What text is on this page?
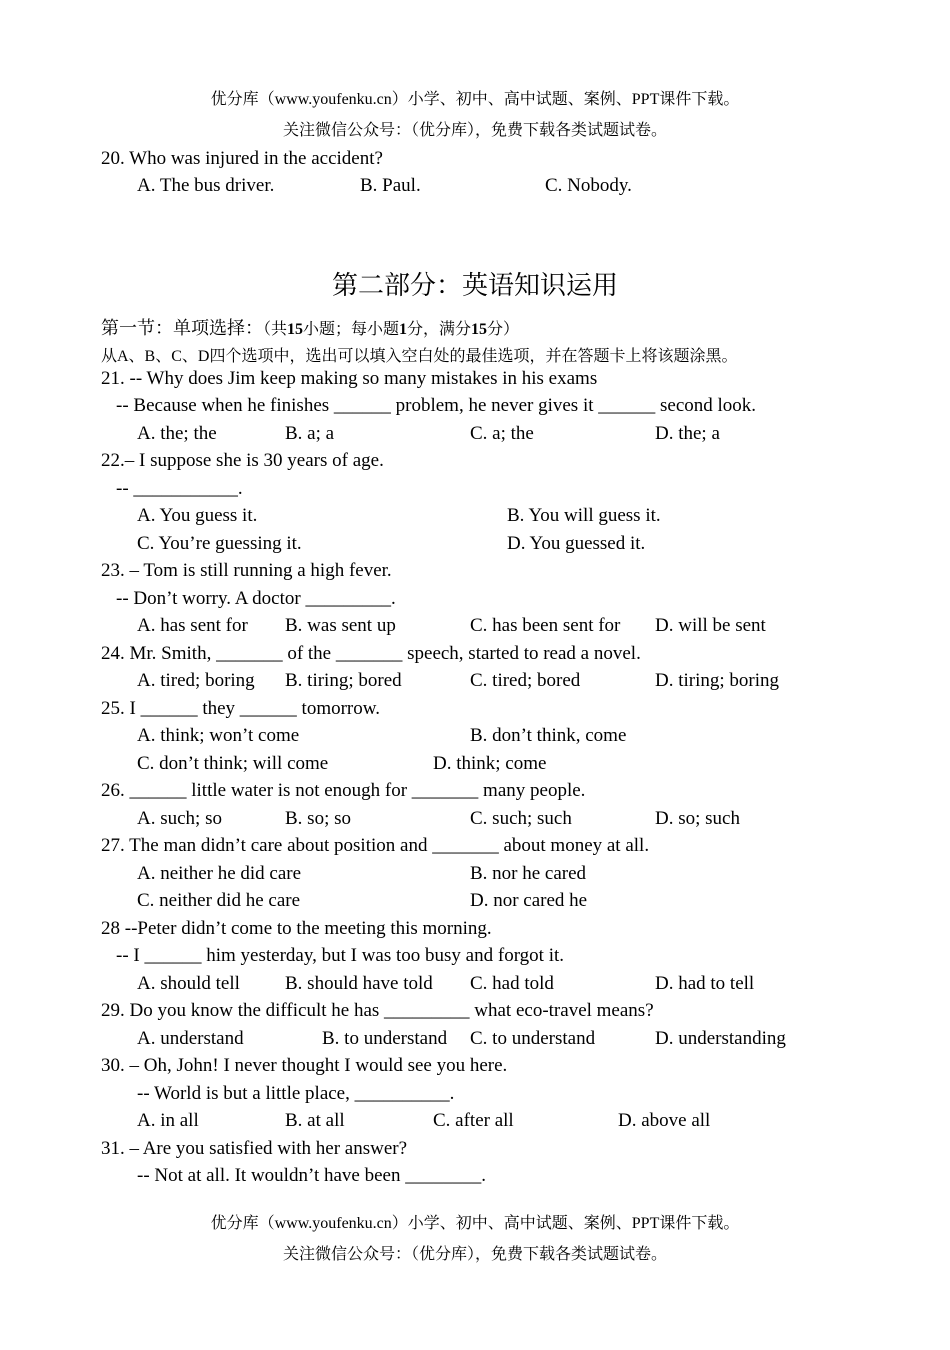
优分库（www.youfenku.cn）小学、初中、高中试题、案例、PPT课件下载。
关注微信公众号：（优分库），免费下载各类试题试卷。
20. Who was injured in the accident?
A. The bus driver.	B. Paul.	C. Nobody.
第二部分：英语知识运用
第一节：单项选择：（共15小题；每小题1分，满分15分）
从A、B、C、D四个选项中，选出可以填入空白处的最佳选项，并在答题卡上将该题涂黑。
21. -- Why does Jim keep making so many mistakes in his exams
-- Because when he finishes ______ problem, he never gives it ______ second look.
A. the; the	B. a; a	C. a; the	D. the; a
22.– I suppose she is 30 years of age.
-- ___________.
A. You guess it.	B. You will guess it.
C. You’re guessing it.	D. You guessed it.
23. – Tom is still running a high fever.
-- Don’t worry. A doctor _________.
A. has sent for B. was sent up	C. has been sent for D. will be sent
24. Mr. Smith, _______ of the _______ speech, started to read a novel.
A. tired; boring B. tiring; bored	C. tired; bored	D. tiring; boring
25. I ______ they ______ tomorrow.
A. think; won’t come	B. don’t think, come
C. don’t think; will come	D. think; come
26. ______ little water is not enough for _______ many people.
A. such; so	B. so; so	C. such; such	D. so; such
27. The man didn’t care about position and _______ about money at all.
A. neither he did care	B. nor he cared
C. neither did he care	D. nor cared he
28 --Peter didn’t come to the meeting this morning.
-- I ______ him yesterday, but I was too busy and forgot it.
A. should tell B. should have told C. had told	D. had to tell
29. Do you know the difficult he has _________ what eco-travel means?
A. understand	B. to understand C. to understand	D. understanding
30. – Oh, John! I never thought I would see you here.
-- World is but a little place, __________.
A. in all	B. at all	C. after all	D. above all
31. – Are you satisfied with her answer?
-- Not at all. It wouldn’t have been ________.
优分库（www.youfenku.cn）小学、初中、高中试题、案例、PPT课件下载。
关注微信公众号：（优分库），免费下载各类试题试卷。
